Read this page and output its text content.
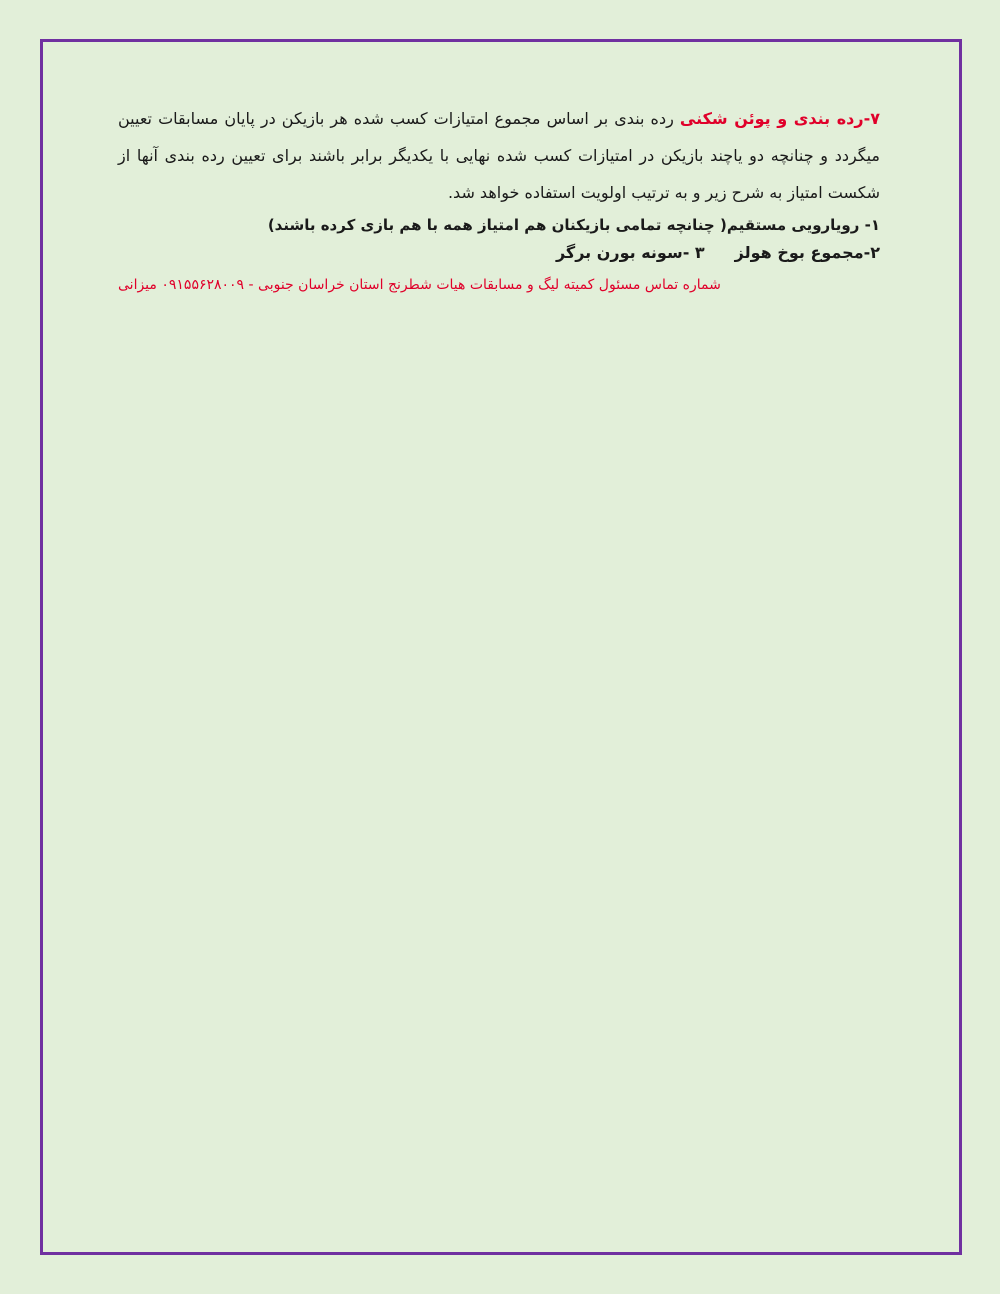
۷-رده بندی و پوئن شکنی رده بندی بر اساس مجموع امتیازات کسب شده هر بازیکن در پایان مسابقات تعیین میگردد و چنانچه دو یاچند بازیکن در امتیازات کسب شده نهایی با یکدیگر برابر باشند برای تعیین رده بندی آنها از شکست امتیاز به شرح زیر و به ترتیب اولویت استفاده خواهد شد.

۱- رویارویی مستقیم( چنانچه تمامی بازیکنان هم امتیاز همه با هم بازی کرده باشند)

۲-مجموع بوخ هولز۳ -سونه بورن برگر

شماره تماس مسئول کمیته لیگ و مسابقات هیات شطرنج استان خراسان جنوبی - ۰۹۱۵۵۶۲۸۰۰۹ میزانی
